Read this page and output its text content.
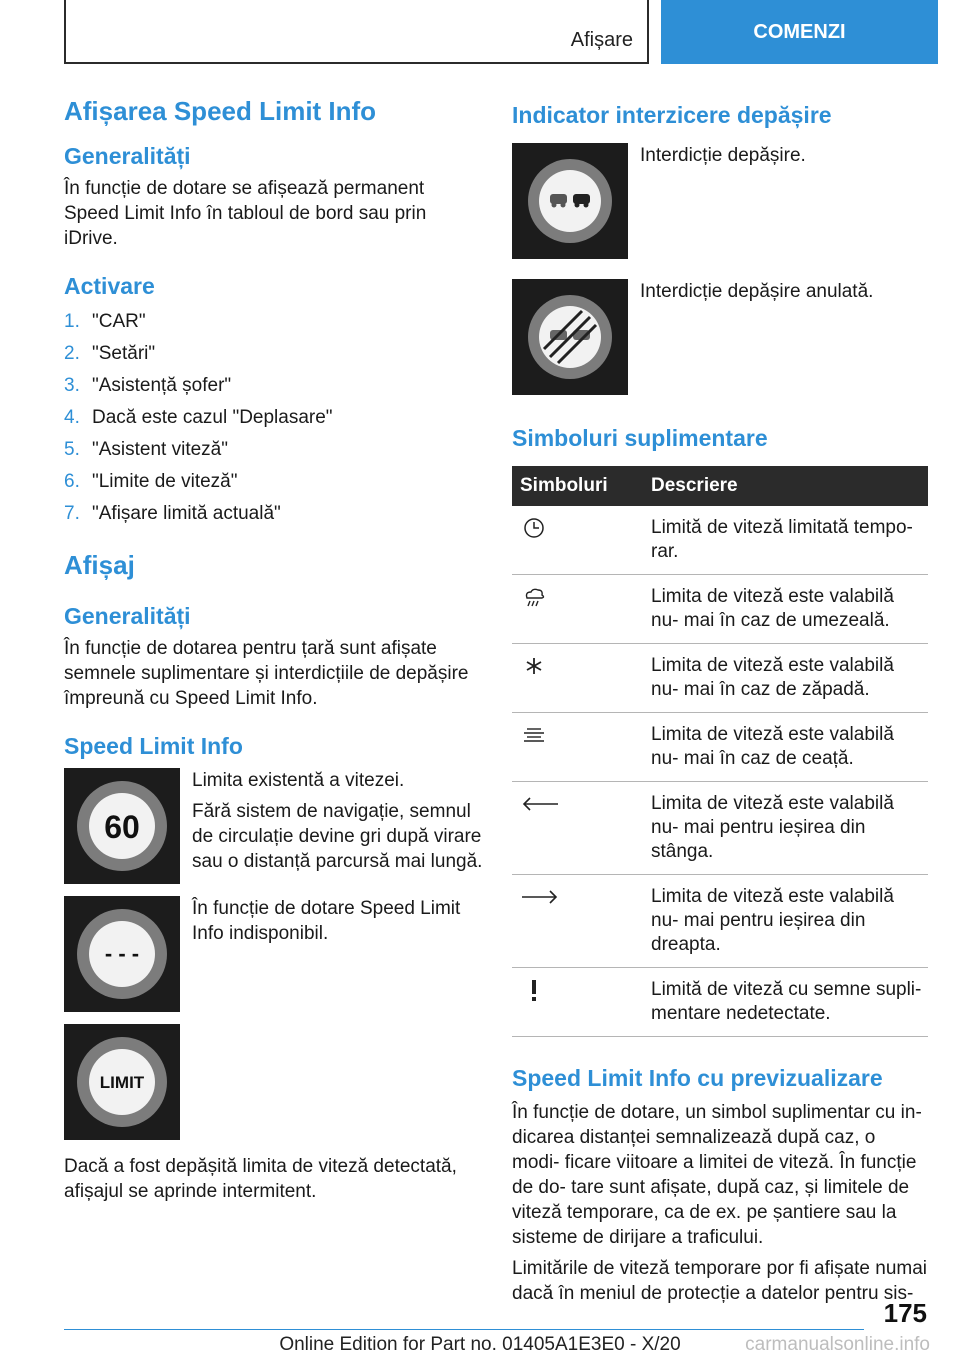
Afișare	COMENZI
Afișarea Speed Limit Info
Generalități

În funcție de dotare se afișează permanent Speed Limit Info în tabloul de bord sau prin iDrive.

Activare
1. "CAR"
2. "Setări"
3. "Asistență șofer"
4. Dacă este cazul "Deplasare"
5. "Asistent viteză"
6. "Limite de viteză"
7. "Afișare limită actuală"
Afișaj
Generalități

În funcție de dotarea pentru țară sunt afișate semnele suplimentare și interdicțiile de depășire împreună cu Speed Limit Info.

Speed Limit Info
60

Limita existentă a vitezei.

Fără sistem de navigație, semnul de circulație devine gri după virare sau o distanță parcursă mai lungă.

- - -

În funcție de dotare Speed Limit Info indisponibil.

LIMIT

Dacă a fost depășită limita de viteză detectată, afișajul se aprinde intermitent.

Indicator interzicere depășire

Interdicție depășire.

Interdicție depășire anulată.

Simboluri suplimentare
Simboluri	Descriere
	Limită de viteză limitată tempo- rar.
	Limita de viteză este valabilă nu- mai în caz de umezeală.
	Limita de viteză este valabilă nu- mai în caz de zăpadă.
	Limita de viteză este valabilă nu- mai în caz de ceață.
	Limita de viteză este valabilă nu- mai pentru ieșirea din stânga.
	Limita de viteză este valabilă nu- mai pentru ieșirea din dreapta.
	Limită de viteză cu semne supli- mentare nedetectate.
Speed Limit Info cu previzualizare

În funcție de dotare, un simbol suplimentar cu in- dicarea distanței semnalizează după caz, o modi- ficare viitoare a limitei de viteză. În funcție de do- tare sunt afișate, după caz, și limitele de viteză temporare, ca de ex. pe șantiere sau la sisteme de dirijare a traficului.

Limitările de viteză temporare por fi afișate numai dacă în meniul de protecție a datelor pentru sis-

175
Online Edition for Part no. 01405A1E3E0 - X/20	carmanualsonline.info
